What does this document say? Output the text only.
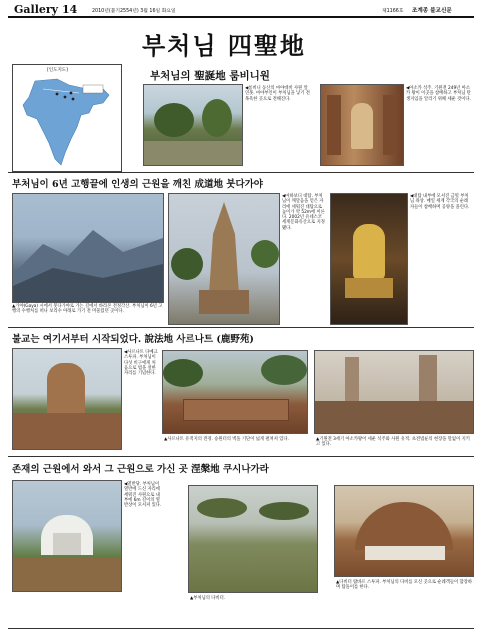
Gallery 14	2010년(불기2554년) 3월 16일 화요일	제1166호 조계종 불교신문
부처님 四聖地
[인도지도]	부처님의 聖誕地 룸비니원
◀룸비니 동산의 마야데비 사원 앞 연못. 마야부인이 부처님을 낳기 전 목욕한 곳으로 전해진다.
◀아소카 석주. 기원전 249년 아소카 왕이 이곳을 참배하고 부처님 탄생지임을 알리기 위해 세운 것이다.
부처님이 6년 고행끝에 인생의 근원을 깨친 成道地 붓다가야
▲가야(Gaya) 시에서 붓다가야로 가는 길에서 바라본 전정각산. 부처님이 6년 고행의 수행처를 떠나 보리수 아래로 가기 전 머물렀던 곳이다.
◀마하보디 대탑. 부처님이 깨달음을 얻은 자리에 세워진 대탑으로 높이가 약 52m에 이른다. 2002년 유네스코 세계문화유산으로 지정됐다.
◀대탑 내부에 모셔진 금빛 부처님 좌상. 매일 세계 각국의 순례자들이 참배하며 공양을 올린다.
불교는 여기서부터 시작되었다. 說法地 사르나트 (鹿野苑)
◀사르나트 다메크 스투파. 부처님이 다섯 비구에게 처음으로 법을 설한 자리를 기념한다.
▲사르나트 유적지의 전경. 승원터의 벽돌 기단이 넓게 펼쳐져 있다.	▲기원전 3세기 아소카왕이 세운 석주와 사원 유적. 초전법륜의 현장을 말없이 지키고 있다.
존재의 근원에서 와서 그 근원으로 가신 곳 涅槃地 쿠시나가라
◀열반당. 부처님이 열반에 드신 자리에 세워진 사원으로 내부에 6m 길이의 열반상이 모셔져 있다.
▲부처님의 다비터.
▲다비터 람바르 스투파. 부처님의 다비를 모신 곳으로 순례객들이 합장하며 탑돌이를 한다.
